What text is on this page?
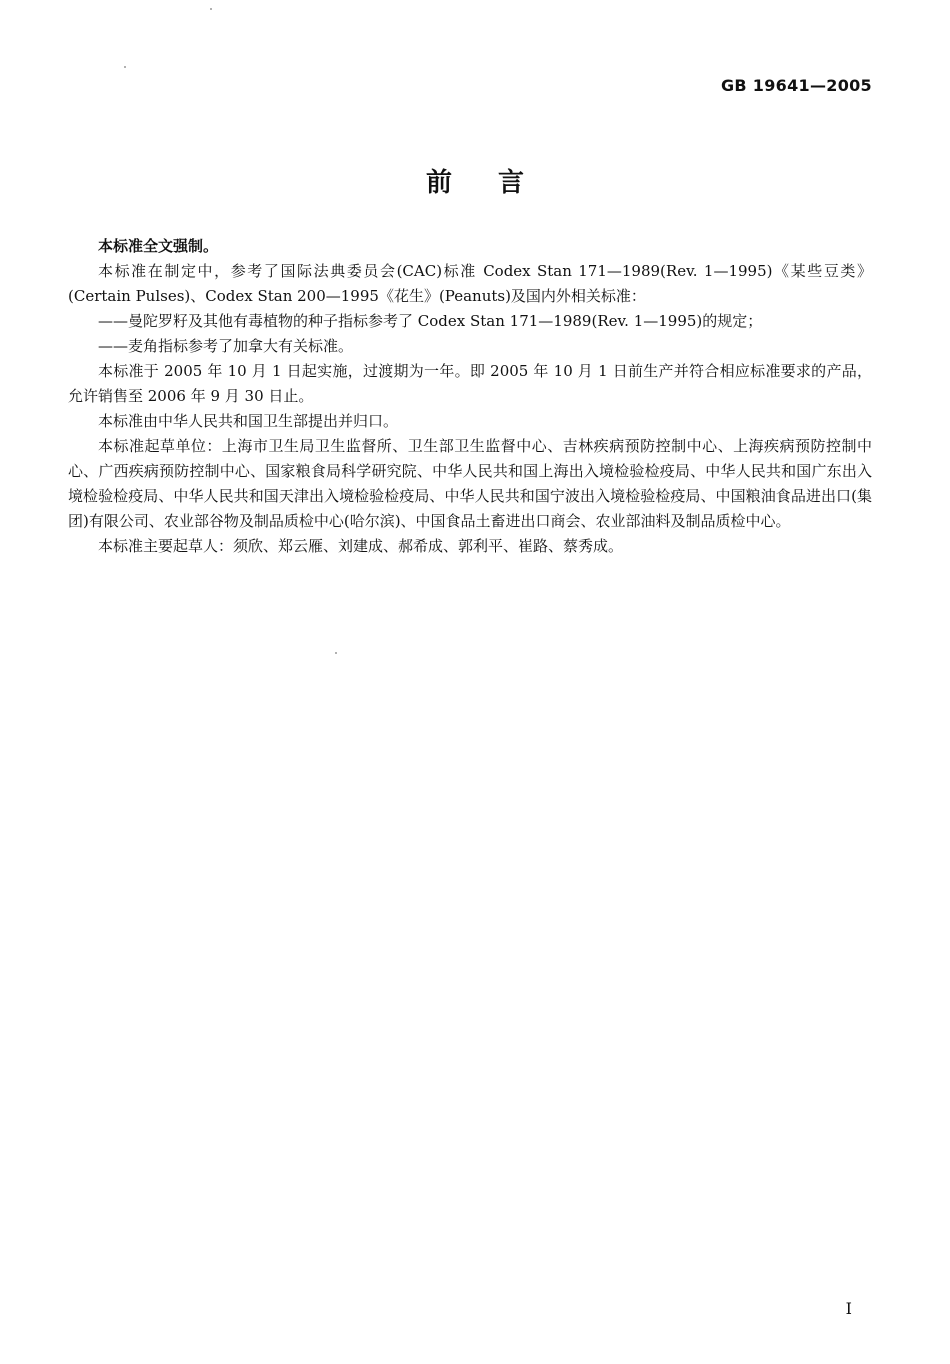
GB 19641—2005
前言

本标准全文强制。

本标准在制定中，参考了国际法典委员会(CAC)标准 Codex Stan 171—1989(Rev. 1—1995)《某些豆类》(Certain Pulses)、Codex Stan 200—1995《花生》(Peanuts)及国内外相关标准：

——曼陀罗籽及其他有毒植物的种子指标参考了 Codex Stan 171—1989(Rev. 1—1995)的规定；

——麦角指标参考了加拿大有关标准。

本标准于 2005 年 10 月 1 日起实施，过渡期为一年。即 2005 年 10 月 1 日前生产并符合相应标准要求的产品，允许销售至 2006 年 9 月 30 日止。

本标准由中华人民共和国卫生部提出并归口。

本标准起草单位：上海市卫生局卫生监督所、卫生部卫生监督中心、吉林疾病预防控制中心、上海疾病预防控制中心、广西疾病预防控制中心、国家粮食局科学研究院、中华人民共和国上海出入境检验检疫局、中华人民共和国广东出入境检验检疫局、中华人民共和国天津出入境检验检疫局、中华人民共和国宁波出入境检验检疫局、中国粮油食品进出口(集团)有限公司、农业部谷物及制品质检中心(哈尔滨)、中国食品土畜进出口商会、农业部油料及制品质检中心。

本标准主要起草人：须欣、郑云雁、刘建成、郝希成、郭利平、崔路、蔡秀成。

I
